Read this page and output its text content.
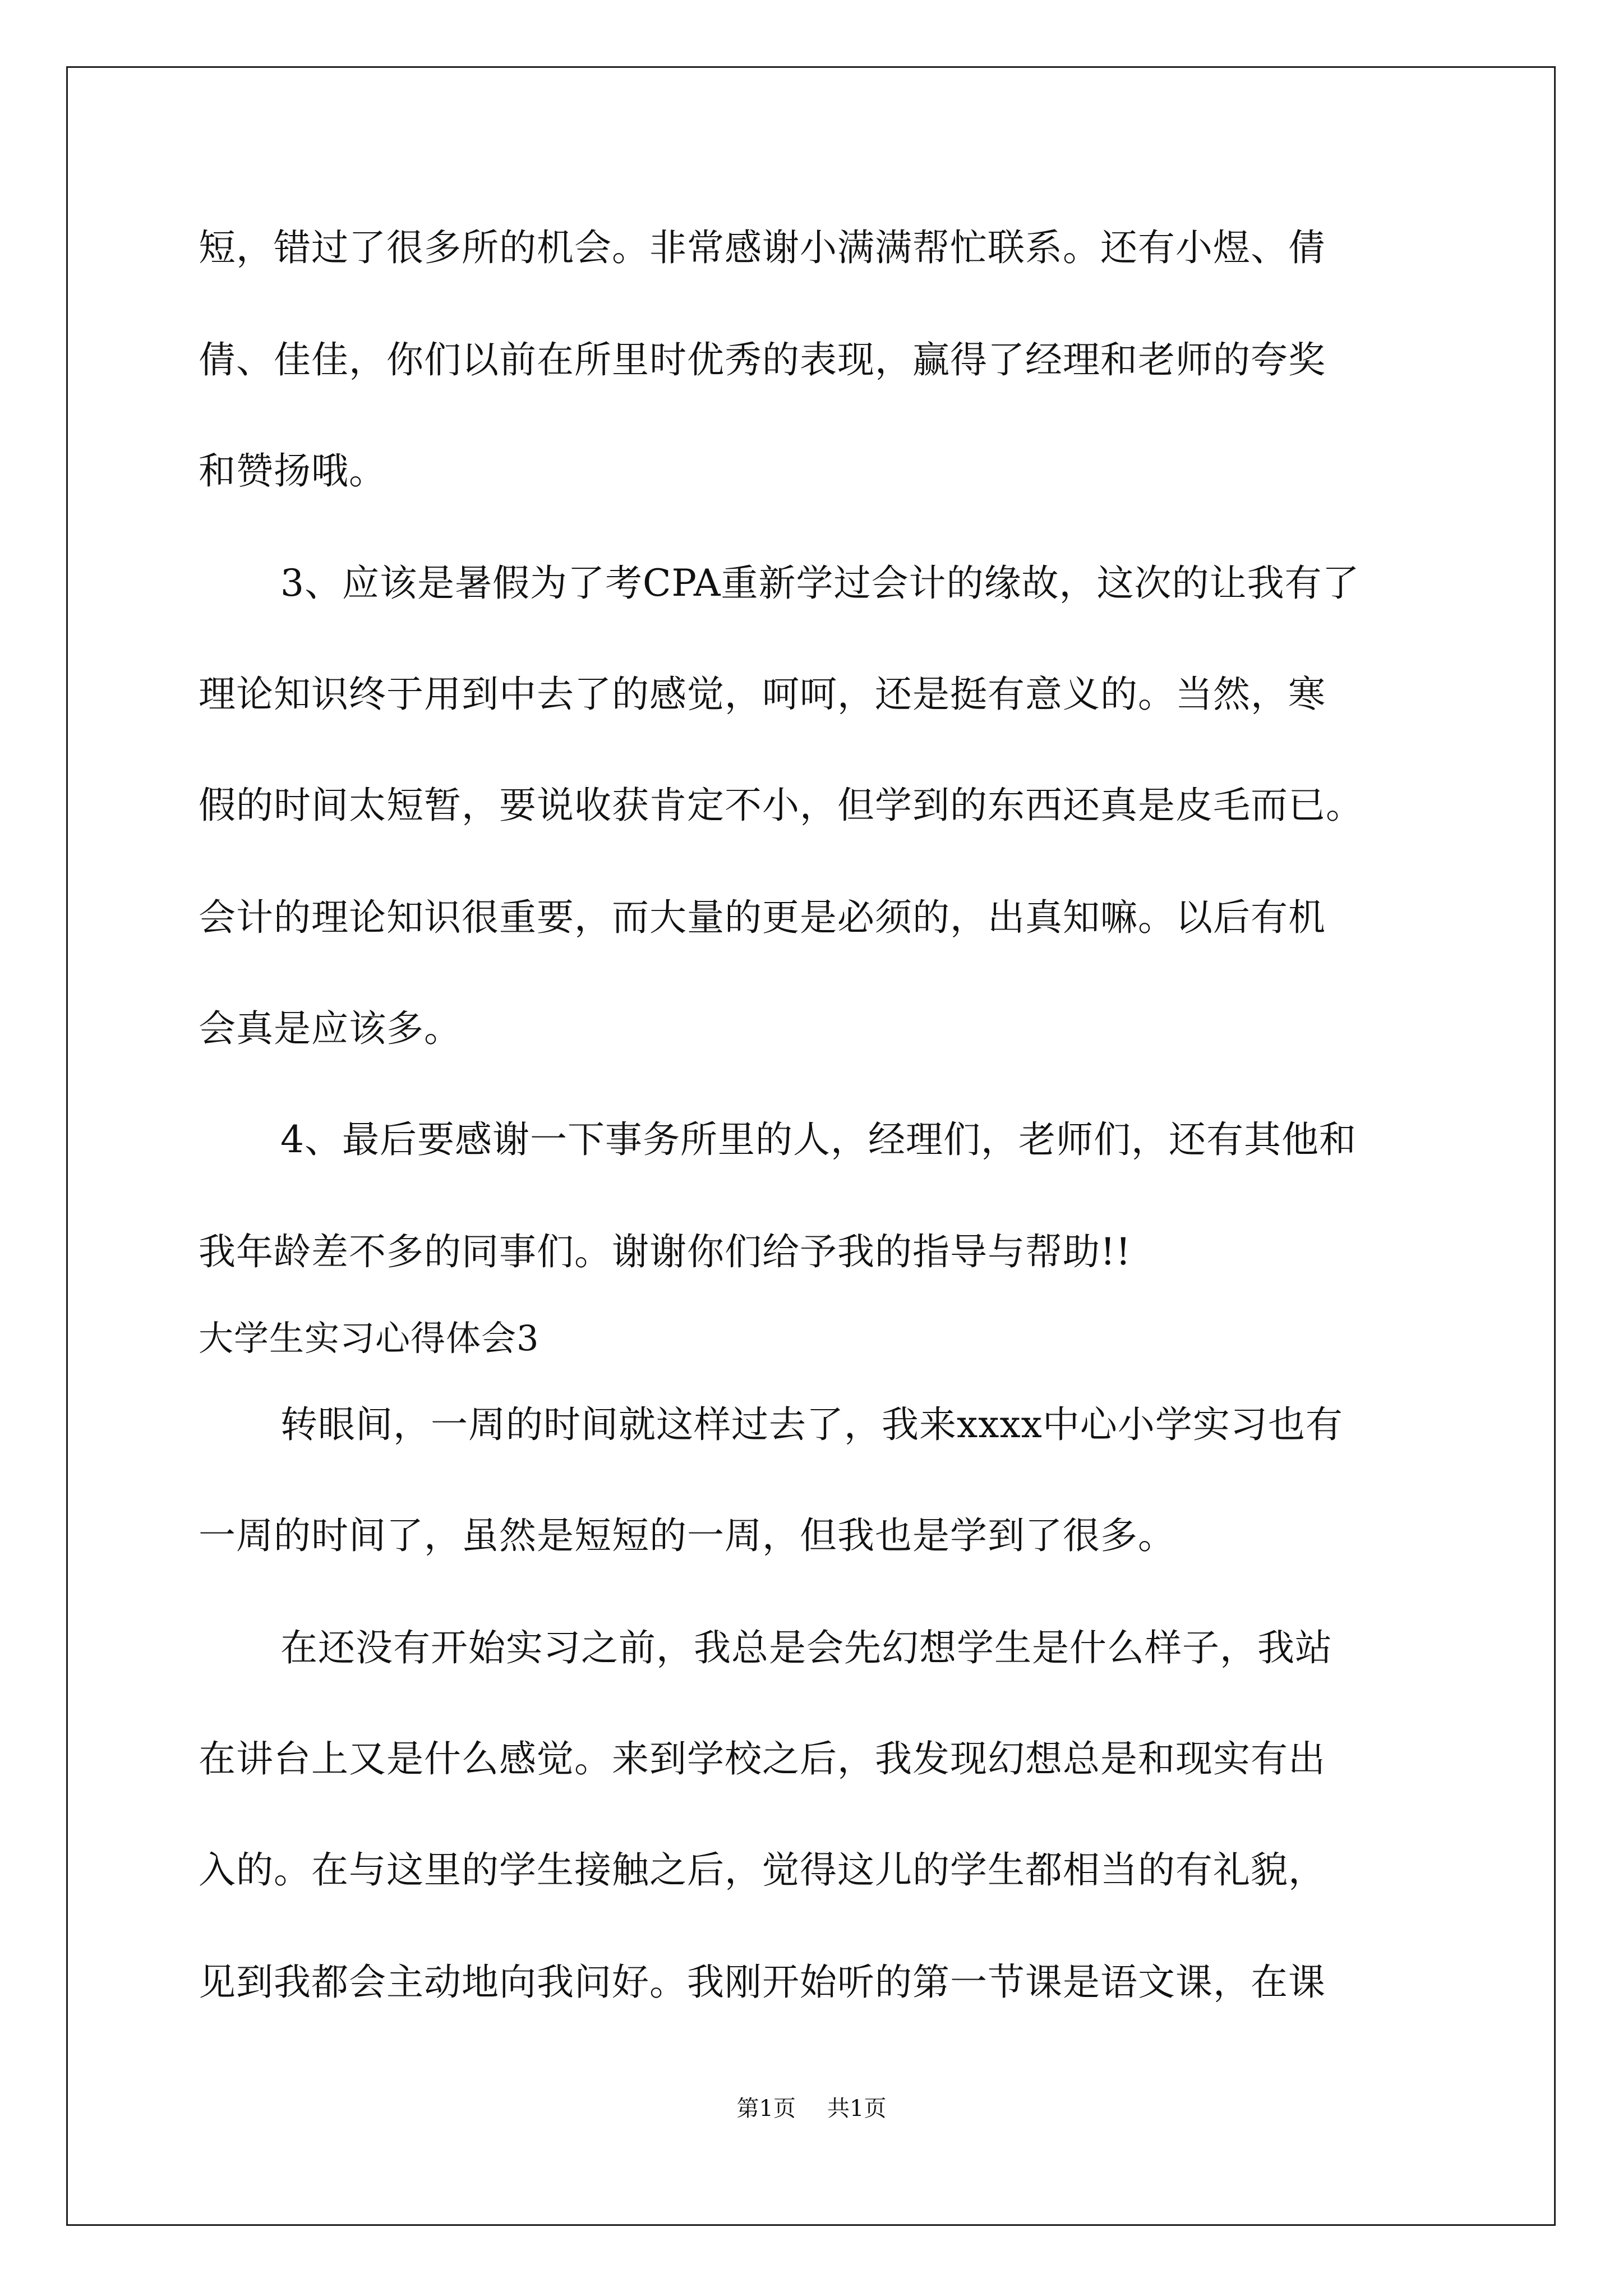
短，错过了很多所的机会。非常感谢小满满帮忙联系。还有小煜、倩
倩、佳佳，你们以前在所里时优秀的表现，赢得了经理和老师的夸奖
和赞扬哦。
3、应该是暑假为了考CPA重新学过会计的缘故，这次的让我有了
理论知识终于用到中去了的感觉，呵呵，还是挺有意义的。当然，寒
假的时间太短暂，要说收获肯定不小，但学到的东西还真是皮毛而已。
会计的理论知识很重要，而大量的更是必须的，出真知嘛。以后有机
会真是应该多。
4、最后要感谢一下事务所里的人，经理们，老师们，还有其他和
我年龄差不多的同事们。谢谢你们给予我的指导与帮助!!
大学生实习心得体会3
转眼间，一周的时间就这样过去了，我来xxxx中心小学实习也有
一周的时间了，虽然是短短的一周，但我也是学到了很多。
在还没有开始实习之前，我总是会先幻想学生是什么样子，我站
在讲台上又是什么感觉。来到学校之后，我发现幻想总是和现实有出
入的。在与这里的学生接触之后，觉得这儿的学生都相当的有礼貌，
见到我都会主动地向我问好。我刚开始听的第一节课是语文课，在课
第1页 共1页
